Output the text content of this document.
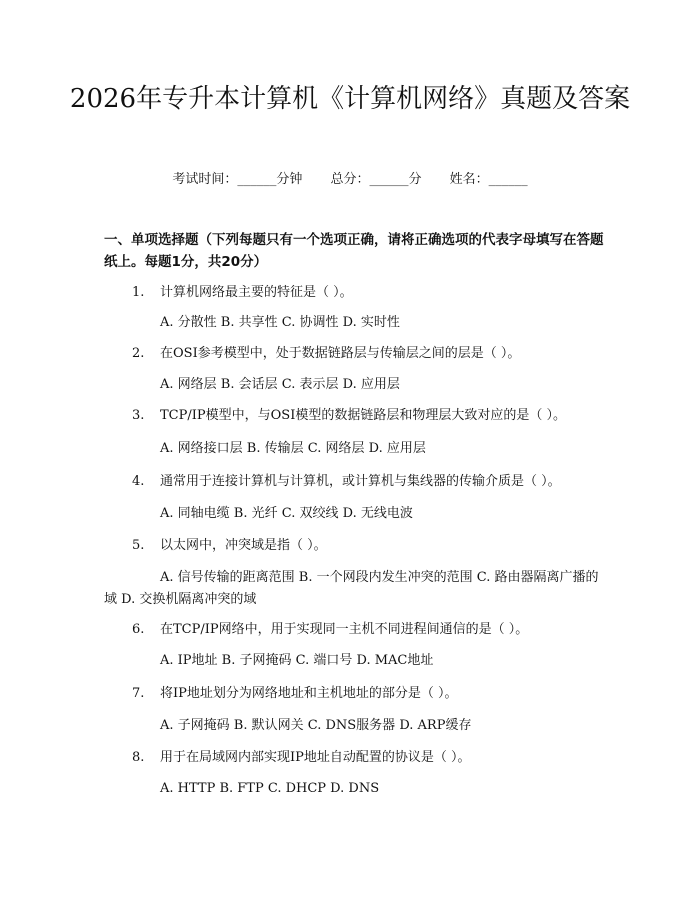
2026年专升本计算机《计算机网络》真题及答案
考试时间：______分钟 总分：______分 姓名：______
一、单项选择题（下列每题只有一个选项正确，请将正确选项的代表字母填写在答题纸上。每题1分，共20分）
1. 计算机网络最主要的特征是（ ）。
A. 分散性 B. 共享性 C. 协调性 D. 实时性
2. 在OSI参考模型中，处于数据链路层与传输层之间的层是（ ）。
A. 网络层 B. 会话层 C. 表示层 D. 应用层
3. TCP/IP模型中，与OSI模型的数据链路层和物理层大致对应的是（ ）。
A. 网络接口层 B. 传输层 C. 网络层 D. 应用层
4. 通常用于连接计算机与计算机，或计算机与集线器的传输介质是（ ）。
A. 同轴电缆 B. 光纤 C. 双绞线 D. 无线电波
5. 以太网中，冲突域是指（ ）。
A. 信号传输的距离范围 B. 一个网段内发生冲突的范围 C. 路由器隔离广播的域 D. 交换机隔离冲突的域
6. 在TCP/IP网络中，用于实现同一主机不同进程间通信的是（ ）。
A. IP地址 B. 子网掩码 C. 端口号 D. MAC地址
7. 将IP地址划分为网络地址和主机地址的部分是（ ）。
A. 子网掩码 B. 默认网关 C. DNS服务器 D. ARP缓存
8. 用于在局域网内部实现IP地址自动配置的协议是（ ）。
A. HTTP B. FTP C. DHCP D. DNS
